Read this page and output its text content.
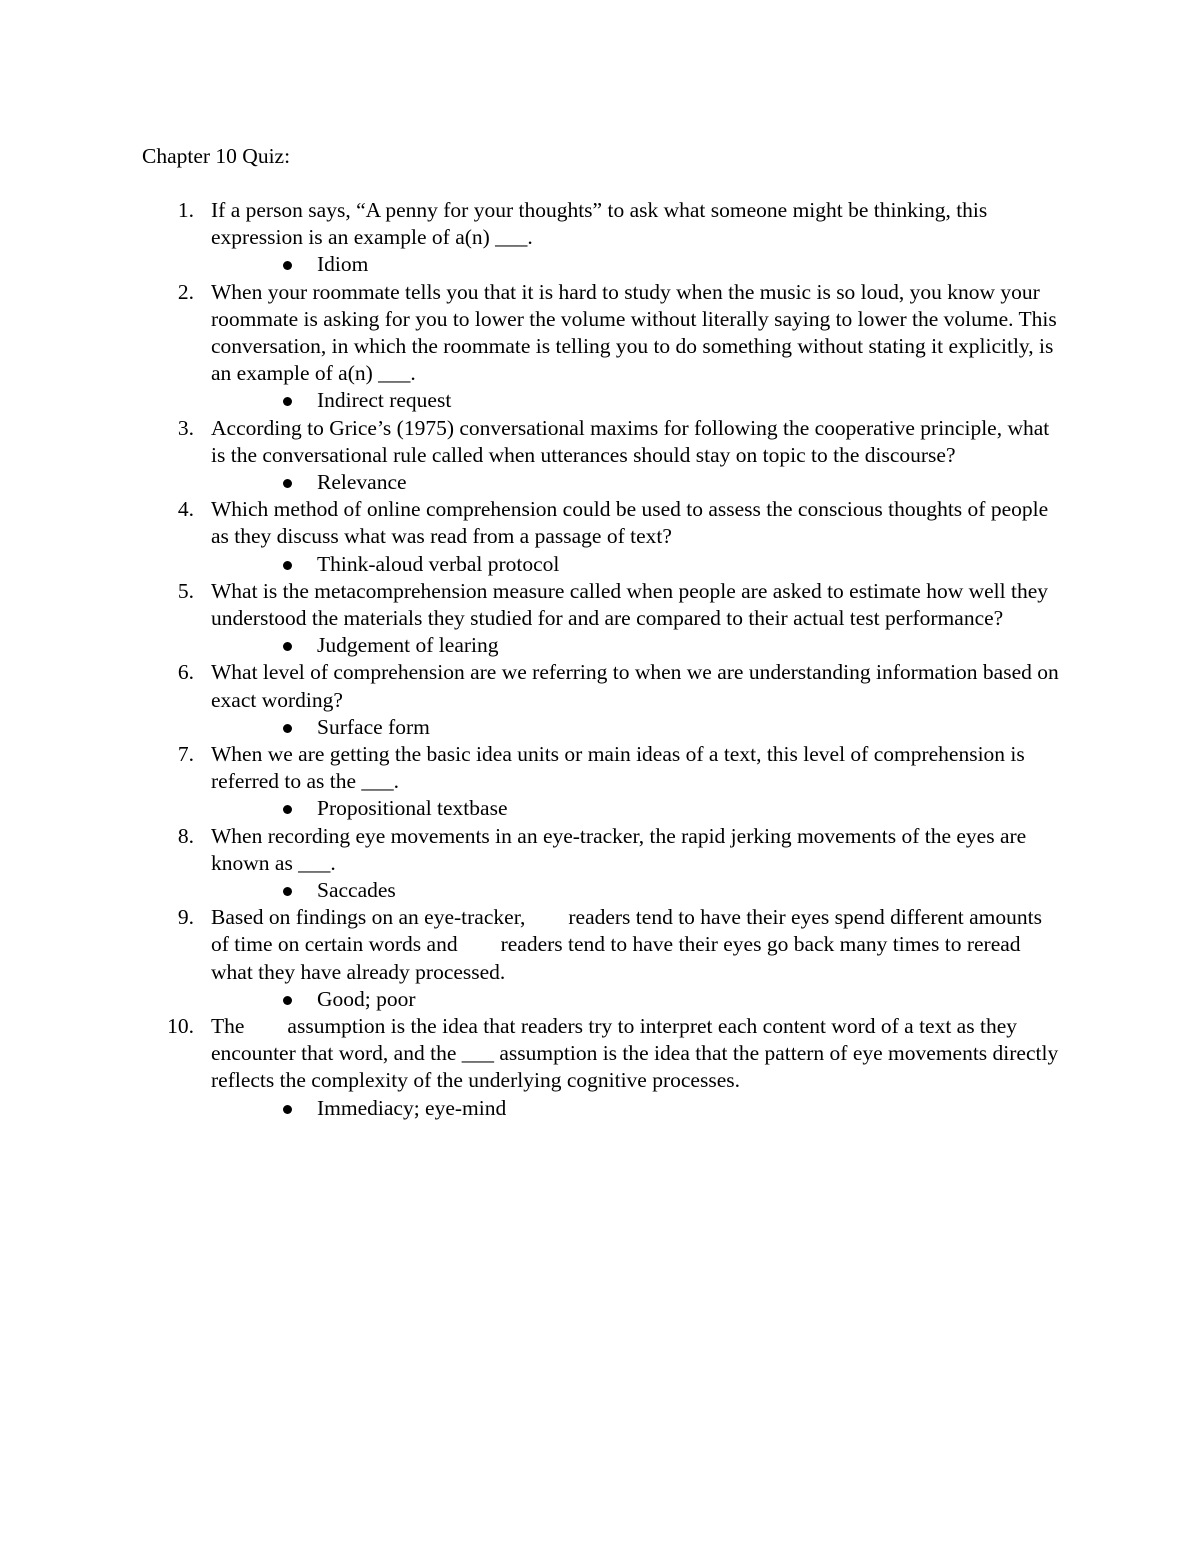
Chapter 10 Quiz:
1. If a person says, “A penny for your thoughts” to ask what someone might be thinking, this expression is an example of a(n) ___.
Idiom
2. When your roommate tells you that it is hard to study when the music is so loud, you know your roommate is asking for you to lower the volume without literally saying to lower the volume. This conversation, in which the roommate is telling you to do something without stating it explicitly, is an example of a(n) ___.
Indirect request
3. According to Grice’s (1975) conversational maxims for following the cooperative principle, what is the conversational rule called when utterances should stay on topic to the discourse?
Relevance
4. Which method of online comprehension could be used to assess the conscious thoughts of people as they discuss what was read from a passage of text?
Think-aloud verbal protocol
5. What is the metacomprehension measure called when people are asked to estimate how well they understood the materials they studied for and are compared to their actual test performance?
Judgement of learing
6. What level of comprehension are we referring to when we are understanding information based on exact wording?
Surface form
7. When we are getting the basic idea units or main ideas of a text, this level of comprehension is referred to as the ___.
Propositional textbase
8. When recording eye movements in an eye-tracker, the rapid jerking movements of the eyes are known as ___.
Saccades
9. Based on findings on an eye-tracker,        readers tend to have their eyes spend different amounts of time on certain words and        readers tend to have their eyes go back many times to reread what they have already processed.
Good; poor
10. The        assumption is the idea that readers try to interpret each content word of a text as they encounter that word, and the ___ assumption is the idea that the pattern of eye movements directly reflects the complexity of the underlying cognitive processes.
Immediacy; eye-mind
